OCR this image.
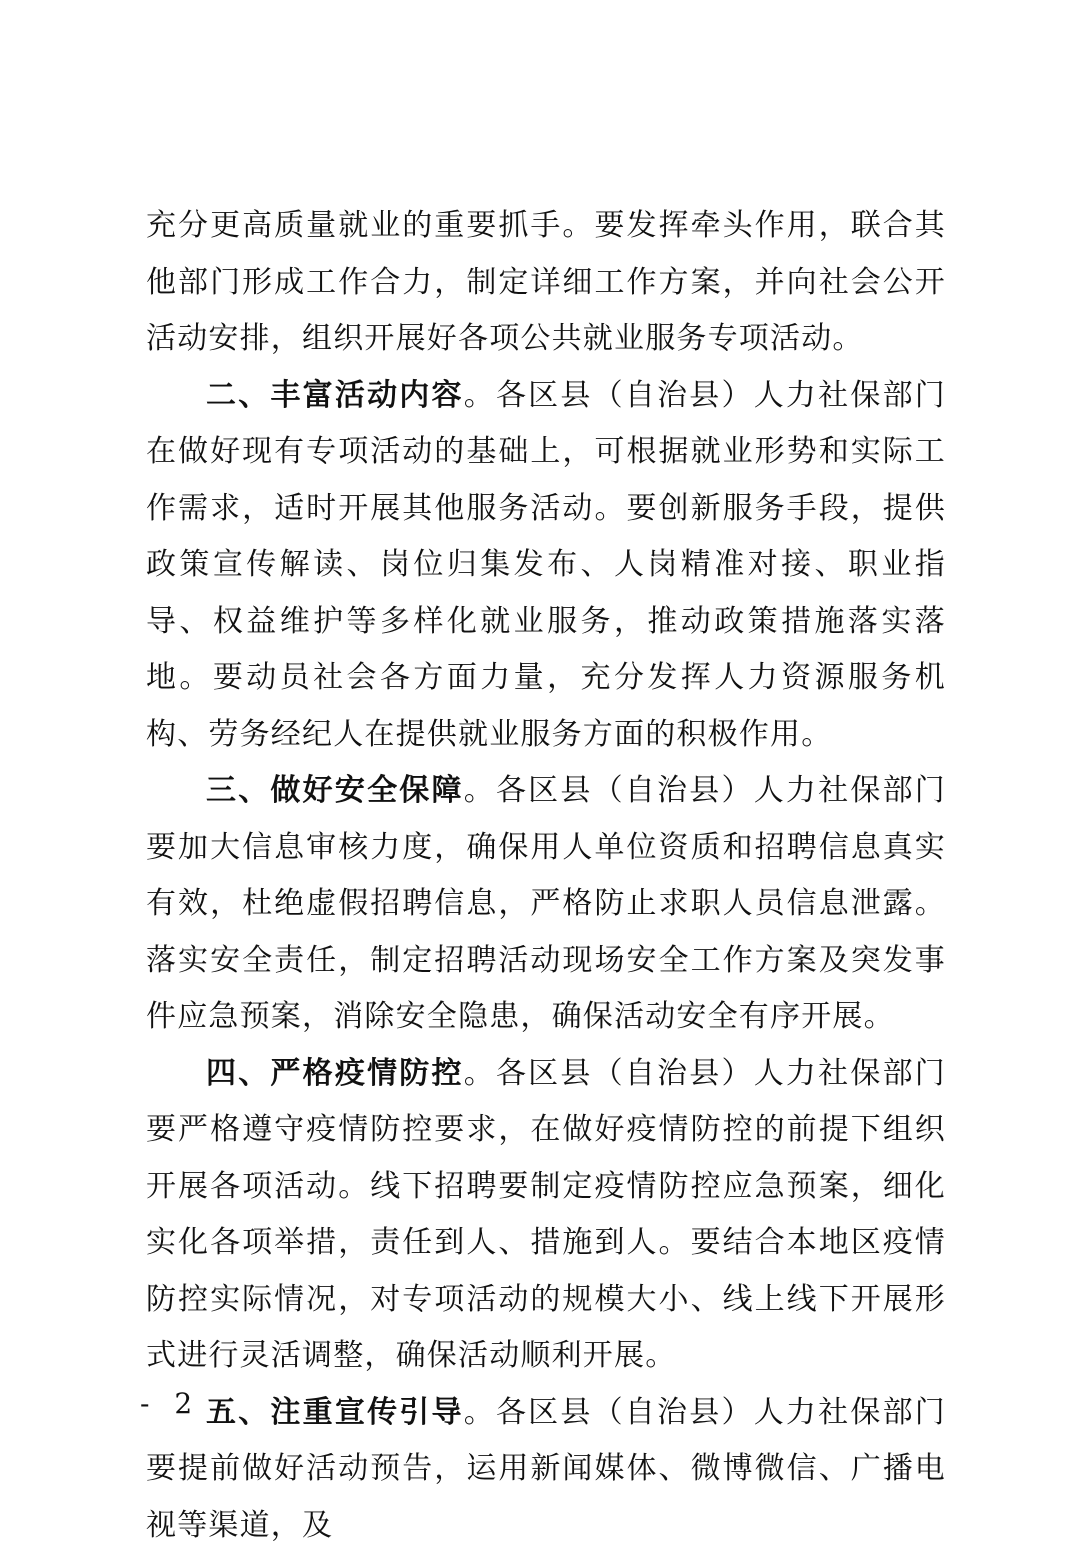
充分更高质量就业的重要抓手。要发挥牵头作用，联合其他部门形成工作合力，制定详细工作方案，并向社会公开活动安排，组织开展好各项公共就业服务专项活动。

二、丰富活动内容。各区县（自治县）人力社保部门在做好现有专项活动的基础上，可根据就业形势和实际工作需求，适时开展其他服务活动。要创新服务手段，提供政策宣传解读、岗位归集发布、人岗精准对接、职业指导、权益维护等多样化就业服务，推动政策措施落实落地。要动员社会各方面力量，充分发挥人力资源服务机构、劳务经纪人在提供就业服务方面的积极作用。

三、做好安全保障。各区县（自治县）人力社保部门要加大信息审核力度，确保用人单位资质和招聘信息真实有效，杜绝虚假招聘信息，严格防止求职人员信息泄露。落实安全责任，制定招聘活动现场安全工作方案及突发事件应急预案，消除安全隐患，确保活动安全有序开展。

四、严格疫情防控。各区县（自治县）人力社保部门要严格遵守疫情防控要求，在做好疫情防控的前提下组织开展各项活动。线下招聘要制定疫情防控应急预案，细化实化各项举措，责任到人、措施到人。要结合本地区疫情防控实际情况，对专项活动的规模大小、线上线下开展形式进行灵活调整，确保活动顺利开展。

五、注重宣传引导。各区县（自治县）人力社保部门要提前做好活动预告，运用新闻媒体、微博微信、广播电视等渠道，及

- 2 -
